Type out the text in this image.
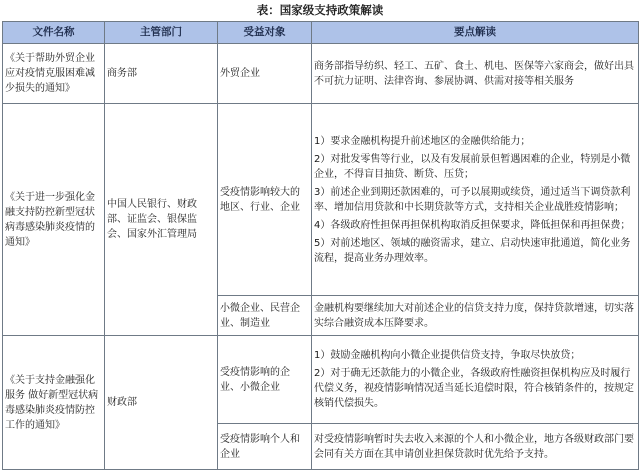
表：国家级支持政策解读
文件名称	主管部门	受益对象	要点解读
《关于帮助外贸企业应对疫情克服困难减少损失的通知》	商务部	外贸企业	商务部指导纺织、轻工、五矿、食土、机电、医保等六家商会，做好出具不可抗力证明、法律咨询、参展协调、供需对接等相关服务
《关于进一步强化金融支持防控新型冠状病毒感染肺炎疫情的通知》	中国人民银行、财政部、证监会、银保监会、国家外汇管理局	受疫情影响较大的地区、行业、企业	1）要求金融机构提升前述地区的金融供给能力；
2）对批发零售等行业，以及有发展前景但暂遇困难的企业，特别是小微企业，不得盲目抽贷、断贷、压贷；
3）前述企业到期还款困难的，可予以展期或续贷，通过适当下调贷款利率、增加信用贷款和中长期贷款等方式，支持相关企业战胜疫情影响；
4）各级政府性担保再担保机构取消反担保要求，降低担保和再担保费；
5）对前述地区、领域的融资需求，建立、启动快速审批通道，简化业务流程，提高业务办理效率。

		小微企业、民营企业、制造业	金融机构要继续加大对前述企业的信贷支持力度，保持贷款增速，切实落实综合融资成本压降要求。
《关于支持金融强化服务 做好新型冠状病毒感染肺炎疫情防控工作的通知》	财政部	受疫情影响的企业、小微企业	1）鼓励金融机构向小微企业提供信贷支持，争取尽快放贷；
2）对于确无还款能力的小微企业，各级政府性融资担保机构应及时履行代偿义务，视疫情影响情况适当延长追偿时限，符合核销条件的，按规定核销代偿损失。

		受疫情影响个人和企业	对受疫情影响暂时失去收入来源的个人和小微企业，地方各级财政部门要会同有关方面在其申请创业担保贷款时优先给予支持。
